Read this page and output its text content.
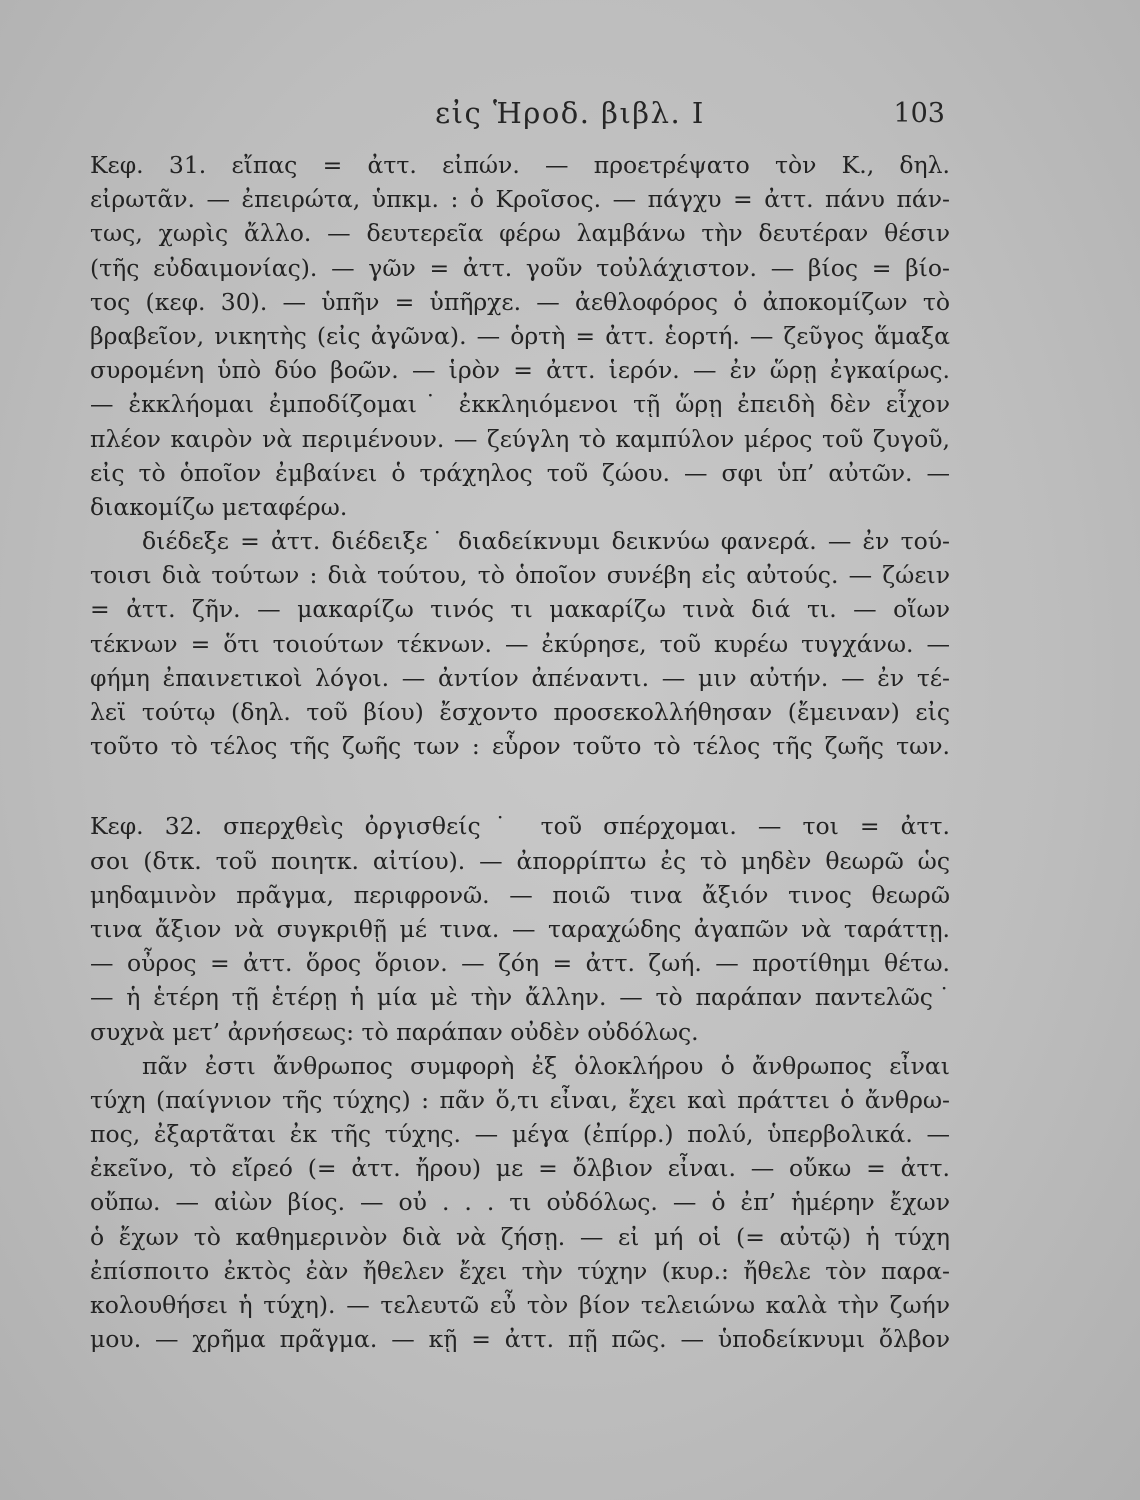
εἰς Ἡροδ. βιβλ. Ι	103

Κεφ. 31. εἴπας = ἀττ. εἰπών. — προετρέψατο τὸν Κ., δηλ.
εἰρωτᾶν. — ἐπειρώτα, ὑπκμ. : ὁ Κροῖσος. — πάγχυ = ἀττ. πάνυ πάν-
τως, χωρὶς ἄλλο. — δευτερεῖα φέρω λαμβάνω τὴν δευτέραν θέσιν
(τῆς εὐδαιμονίας). — γῶν = ἀττ. γοῦν τοὐλάχιστον. — βίος = βίο-
τος (κεφ. 30). — ὑπῆν = ὑπῆρχε. — ἀεθλοφόρος ὁ ἀποκομίζων τὸ
βραβεῖον, νικητὴς (εἰς ἀγῶνα). — ὁρτὴ = ἀττ. ἑορτή. — ζεῦγος ἅμαξα
συρομένη ὑπὸ δύο βοῶν. — ἱρὸν = ἀττ. ἱερόν. — ἐν ὥρῃ ἐγκαίρως.
— ἐκκλήομαι ἐμποδίζομαι˙ ἐκκληιόμενοι τῇ ὥρῃ ἐπειδὴ δὲν εἶχον
πλέον καιρὸν νὰ περιμένουν. — ζεύγλη τὸ καμπύλον μέρος τοῦ ζυγοῦ,
εἰς τὸ ὁποῖον ἐμβαίνει ὁ τράχηλος τοῦ ζώου. — σφι ὑπ’ αὐτῶν. —
διακομίζω μεταφέρω.

διέδεξε = ἀττ. διέδειξε˙ διαδείκνυμι δεικνύω φανερά. — ἐν τού-
τοισι διὰ τούτων : διὰ τούτου, τὸ ὁποῖον συνέβη εἰς αὐτούς. — ζώειν
= ἀττ. ζῆν. — μακαρίζω τινός τι μακαρίζω τινὰ διά τι. — οἵων
τέκνων = ὅτι τοιούτων τέκνων. — ἐκύρησε, τοῦ κυρέω τυγχάνω. —
φήμη ἐπαινετικοὶ λόγοι. — ἀντίον ἀπέναντι. — μιν αὐτήν. — ἐν τέ-
λεϊ τούτῳ (δηλ. τοῦ βίου) ἔσχοντο προσεκολλήθησαν (ἔμειναν) εἰς
τοῦτο τὸ τέλος τῆς ζωῆς των : εὗρον τοῦτο τὸ τέλος τῆς ζωῆς των.

Κεφ. 32. σπερχθεὶς ὀργισθείς˙ τοῦ σπέρχομαι. — τοι = ἀττ.
σοι (δτκ. τοῦ ποιητκ. αἰτίου). — ἀπορρίπτω ἐς τὸ μηδὲν θεωρῶ ὡς
μηδαμινὸν πρᾶγμα, περιφρονῶ. — ποιῶ τινα ἄξιόν τινος θεωρῶ
τινα ἄξιον νὰ συγκριθῇ μέ τινα. — ταραχώδης ἀγαπῶν νὰ ταράττῃ.
— οὖρος = ἀττ. ὅρος ὅριον. — ζόη = ἀττ. ζωή. — προτίθημι θέτω.
— ἡ ἑτέρη τῇ ἑτέρῃ ἡ μία μὲ τὴν ἄλλην. — τὸ παράπαν παντελῶς˙
συχνὰ μετ’ ἀρνήσεως: τὸ παράπαν οὐδὲν οὐδόλως.

πᾶν ἐστι ἄνθρωπος συμφορὴ ἐξ ὁλοκλήρου ὁ ἄνθρωπος εἶναι
τύχη (παίγνιον τῆς τύχης) : πᾶν ὅ,τι εἶναι, ἔχει καὶ πράττει ὁ ἄνθρω-
πος, ἐξαρτᾶται ἐκ τῆς τύχης. — μέγα (ἐπίρρ.) πολύ, ὑπερβολικά. —
ἐκεῖνο, τὸ εἴρεό (= ἀττ. ἤρου) με = ὄλβιον εἶναι. — οὔκω = ἀττ.
οὔπω. — αἰὼν βίος. — οὐ . . . τι οὐδόλως. — ὁ ἐπ’ ἡμέρην ἔχων
ὁ ἔχων τὸ καθημερινὸν διὰ νὰ ζήσῃ. — εἰ μή οἱ (= αὐτῷ) ἡ τύχη
ἐπίσποιτο ἐκτὸς ἐὰν ἤθελεν ἔχει τὴν τύχην (κυρ.: ἤθελε τὸν παρα-
κολουθήσει ἡ τύχη). — τελευτῶ εὖ τὸν βίον τελειώνω καλὰ τὴν ζωήν
μου. — χρῆμα πρᾶγμα. — κῇ = ἀττ. πῇ πῶς. — ὑποδείκνυμι ὄλβον
